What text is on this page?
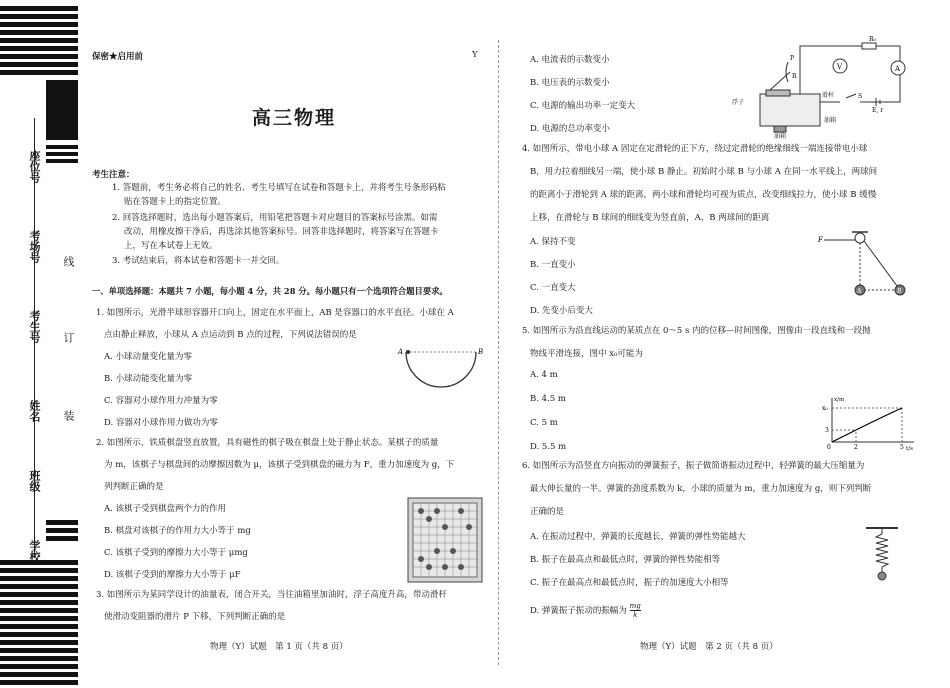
座位号
考场号
考生号
姓名
班级
学校
线
订
装
保密★启用前	Y
高三物理
考生注意：
1. 答题前，考生务必将自己的姓名、考生号填写在试卷和答题卡上，并将考生号条形码粘
贴在答题卡上的指定位置。
2. 回答选择题时，选出每小题答案后，用铅笔把答题卡对应题目的答案标号涂黑。如需
改动，用橡皮擦干净后，再选涂其他答案标号。回答非选择题时，将答案写在答题卡
上，写在本试卷上无效。
3. 考试结束后，将本试卷和答题卡一并交回。
一、单项选择题：本题共 7 小题，每小题 4 分，共 28 分。每小题只有一个选项符合题目要求。
1. 如图所示，光滑半球形容器开口向上，固定在水平面上，AB 是容器口的水平直径。小球在 A
点由静止释放，小球从 A 点运动到 B 点的过程，下列说法错误的是
A. 小球动量变化量为零
B. 小球动能变化量为零
C. 容器对小球作用力冲量为零
D. 容器对小球作用力做功为零
A	B
2. 如图所示，铁质棋盘竖直放置，具有磁性的棋子吸在棋盘上处于静止状态。某棋子的质量
为 m，该棋子与棋盘间的动摩擦因数为 μ，该棋子受到棋盘的磁力为 F，重力加速度为 g，下
列判断正确的是
A. 该棋子受到棋盘两个力的作用
B. 棋盘对该棋子的作用力大小等于 mg
C. 该棋子受到的摩擦力大小等于 μmg
D. 该棋子受到的摩擦力大小等于 μF
3. 如图所示为某同学设计的油量表，闭合开关，当往油箱里加油时，浮子高度升高，带动滑杆
使滑动变阻器的滑片 P 下移，下列判断正确的是
物理（Y）试题　第 1 页（共 8 页）
A. 电流表的示数变小
B. 电压表的示数变小
C. 电源的输出功率一定变大
D. 电源的总功率变小
V	A
R₀
P
R
S
E, r
滑杆
油箱
浮子
油箱
4. 如图所示，带电小球 A 固定在定滑轮的正下方，绕过定滑轮的绝缘细线一端连接带电小球
B，用力拉着细线另一端，使小球 B 静止。初始时小球 B 与小球 A 在同一水平线上，两球间
的距离小于滑轮到 A 球的距离，两小球和滑轮均可视为质点，改变细线拉力，使小球 B 缓慢
上移，在滑轮与 B 球间的细线变为竖直前，A、B 两球间的距离
A. 保持不变
B. 一直变小
C. 一直变大
D. 先变小后变大
F
A	B
5. 如图所示为沿直线运动的某质点在 0～5 s 内的位移—时间图像，图像由一段直线和一段抛
物线平滑连接，图中 x₀可能为
A. 4 m
B. 4.5 m
C. 5 m
D. 5.5 m
x/m
t/s
0	2	5
3
x₀
6. 如图所示为沿竖直方向振动的弹簧振子，振子做简谐振动过程中，轻弹簧的最大压缩量为
最大伸长量的一半。弹簧的劲度系数为 k，小球的质量为 m，重力加速度为 g，则下列判断
正确的是
A. 在振动过程中，弹簧的长度越长，弹簧的弹性势能越大
B. 振子在最高点和最低点时，弹簧的弹性势能相等
C. 振子在最高点和最低点时，振子的加速度大小相等
D. 弹簧振子振动的振幅为 $\frac{mg}{k}$
物理（Y）试题　第 2 页（共 8 页）
